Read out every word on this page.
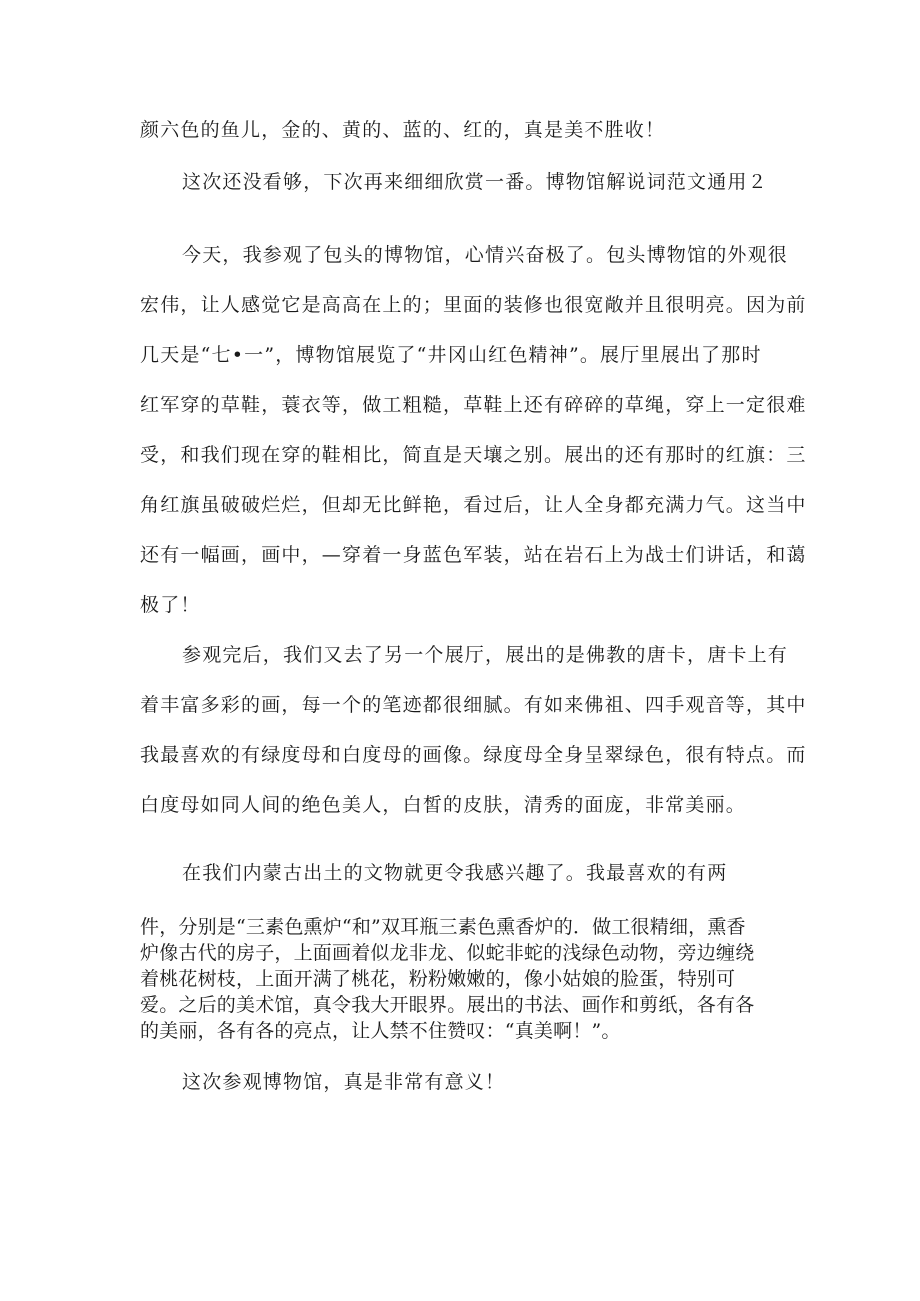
颜六色的鱼儿，金的、黄的、蓝的、红的，真是美不胜收！
这次还没看够，下次再来细细欣赏一番。博物馆解说词范文通用２
今天，我参观了包头的博物馆，心情兴奋极了。包头博物馆的外观很
宏伟，让人感觉它是高高在上的；里面的装修也很宽敞并且很明亮。因为前
几天是“七•一”，博物馆展览了“井冈山红色精神”。展厅里展出了那时
红军穿的草鞋，蓑衣等，做工粗糙，草鞋上还有碎碎的草绳，穿上一定很难
受，和我们现在穿的鞋相比，简直是天壤之别。展出的还有那时的红旗：三
角红旗虽破破烂烂，但却无比鲜艳，看过后，让人全身都充满力气。这当中
还有一幅画，画中，—穿着一身蓝色军装，站在岩石上为战士们讲话，和蔼
极了！
参观完后，我们又去了另一个展厅，展出的是佛教的唐卡，唐卡上有
着丰富多彩的画，每一个的笔迹都很细腻。有如来佛祖、四手观音等，其中
我最喜欢的有绿度母和白度母的画像。绿度母全身呈翠绿色，很有特点。而
白度母如同人间的绝色美人，白皙的皮肤，清秀的面庞，非常美丽。
在我们内蒙古出土的文物就更令我感兴趣了。我最喜欢的有两
件，分别是“三素色熏炉“和”双耳瓶三素色熏香炉的．做工很精细，熏香
炉像古代的房子，上面画着似龙非龙、似蛇非蛇的浅绿色动物，旁边缠绕
着桃花树枝，上面开满了桃花，粉粉嫩嫩的，像小姑娘的脸蛋，特别可
爱。之后的美术馆，真令我大开眼界。展出的书法、画作和剪纸，各有各
的美丽，各有各的亮点，让人禁不住赞叹：“真美啊！”。
这次参观博物馆，真是非常有意义！
